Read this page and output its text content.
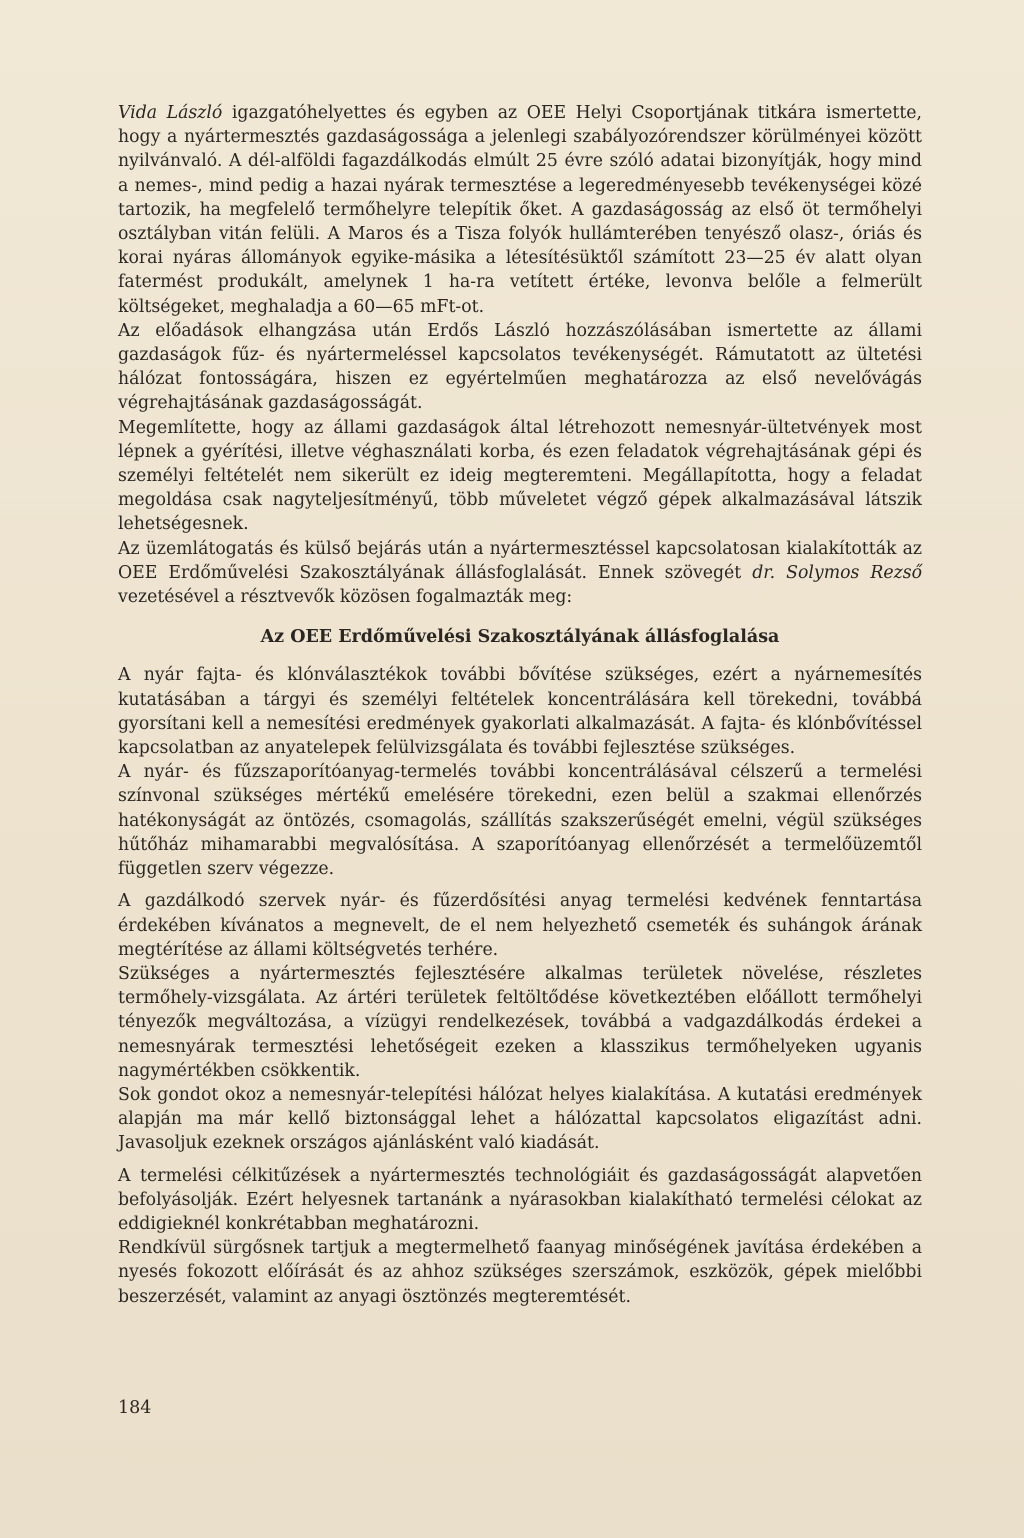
Vida László igazgatóhelyettes és egyben az OEE Helyi Csoportjának titkára ismertette, hogy a nyártermesztés gazdaságossága a jelenlegi szabályozórendszer körülményei között nyilvánvaló. A dél-alföldi fagazdálkodás elmúlt 25 évre szóló adatai bizonyítják, hogy mind a nemes-, mind pedig a hazai nyárak termesztése a legeredményesebb tevékenységei közé tartozik, ha megfelelő termőhelyre telepítik őket. A gazdaságosság az első öt termőhelyi osztályban vitán felüli. A Maros és a Tisza folyók hullámterében tenyésző olasz-, óriás és korai nyáras állományok egyike-másika a létesítésüktől számított 23—25 év alatt olyan fatermést produkált, amelynek 1 ha-ra vetített értéke, levonva belőle a felmerült költségeket, meghaladja a 60—65 mFt-ot.

Az előadások elhangzása után Erdős László hozzászólásában ismertette az állami gazdaságok fűz- és nyártermeléssel kapcsolatos tevékenységét. Rámutatott az ültetési hálózat fontosságára, hiszen ez egyértelműen meghatározza az első nevelővágás végrehajtásának gazdaságosságát.

Megemlítette, hogy az állami gazdaságok által létrehozott nemesnyár-ültetvények most lépnek a gyérítési, illetve véghasználati korba, és ezen feladatok végrehajtásának gépi és személyi feltételét nem sikerült ez ideig megteremteni. Megállapította, hogy a feladat megoldása csak nagyteljesítményű, több műveletet végző gépek alkalmazásával látszik lehetségesnek.

Az üzemlátogatás és külső bejárás után a nyártermesztéssel kapcsolatosan kialakították az OEE Erdőművelési Szakosztályának állásfoglalását. Ennek szövegét dr. Solymos Rezső vezetésével a résztvevők közösen fogalmazták meg:

Az OEE Erdőművelési Szakosztályának állásfoglalása

A nyár fajta- és klónválasztékok további bővítése szükséges, ezért a nyárnemesítés kutatásában a tárgyi és személyi feltételek koncentrálására kell törekedni, továbbá gyorsítani kell a nemesítési eredmények gyakorlati alkalmazását. A fajta- és klónbővítéssel kapcsolatban az anyatelepek felülvizsgálata és további fejlesztése szükséges.

A nyár- és fűzszaporítóanyag-termelés további koncentrálásával célszerű a termelési színvonal szükséges mértékű emelésére törekedni, ezen belül a szakmai ellenőrzés hatékonyságát az öntözés, csomagolás, szállítás szakszerűségét emelni, végül szükséges hűtőház mihamarabbi megvalósítása. A szaporítóanyag ellenőrzését a termelőüzemtől független szerv végezze.

A gazdálkodó szervek nyár- és fűzerdősítési anyag termelési kedvének fenntartása érdekében kívánatos a megnevelt, de el nem helyezhető csemeték és suhángok árának megtérítése az állami költségvetés terhére.

Szükséges a nyártermesztés fejlesztésére alkalmas területek növelése, részletes termőhely-vizsgálata. Az ártéri területek feltöltődése következtében előállott termőhelyi tényezők megváltozása, a vízügyi rendelkezések, továbbá a vadgazdálkodás érdekei a nemesnyárak termesztési lehetőségeit ezeken a klasszikus termőhelyeken ugyanis nagymértékben csökkentik.

Sok gondot okoz a nemesnyár-telepítési hálózat helyes kialakítása. A kutatási eredmények alapján ma már kellő biztonsággal lehet a hálózattal kapcsolatos eligazítást adni. Javasoljuk ezeknek országos ajánlásként való kiadását.

A termelési célkitűzések a nyártermesztés technológiáit és gazdaságosságát alapvetően befolyásolják. Ezért helyesnek tartanánk a nyárasokban kialakítható termelési célokat az eddigieknél konkrétabban meghatározni.

Rendkívül sürgősnek tartjuk a megtermelhető faanyag minőségének javítása érdekében a nyesés fokozott előírását és az ahhoz szükséges szerszámok, eszközök, gépek mielőbbi beszerzését, valamint az anyagi ösztönzés megteremtését.

184
